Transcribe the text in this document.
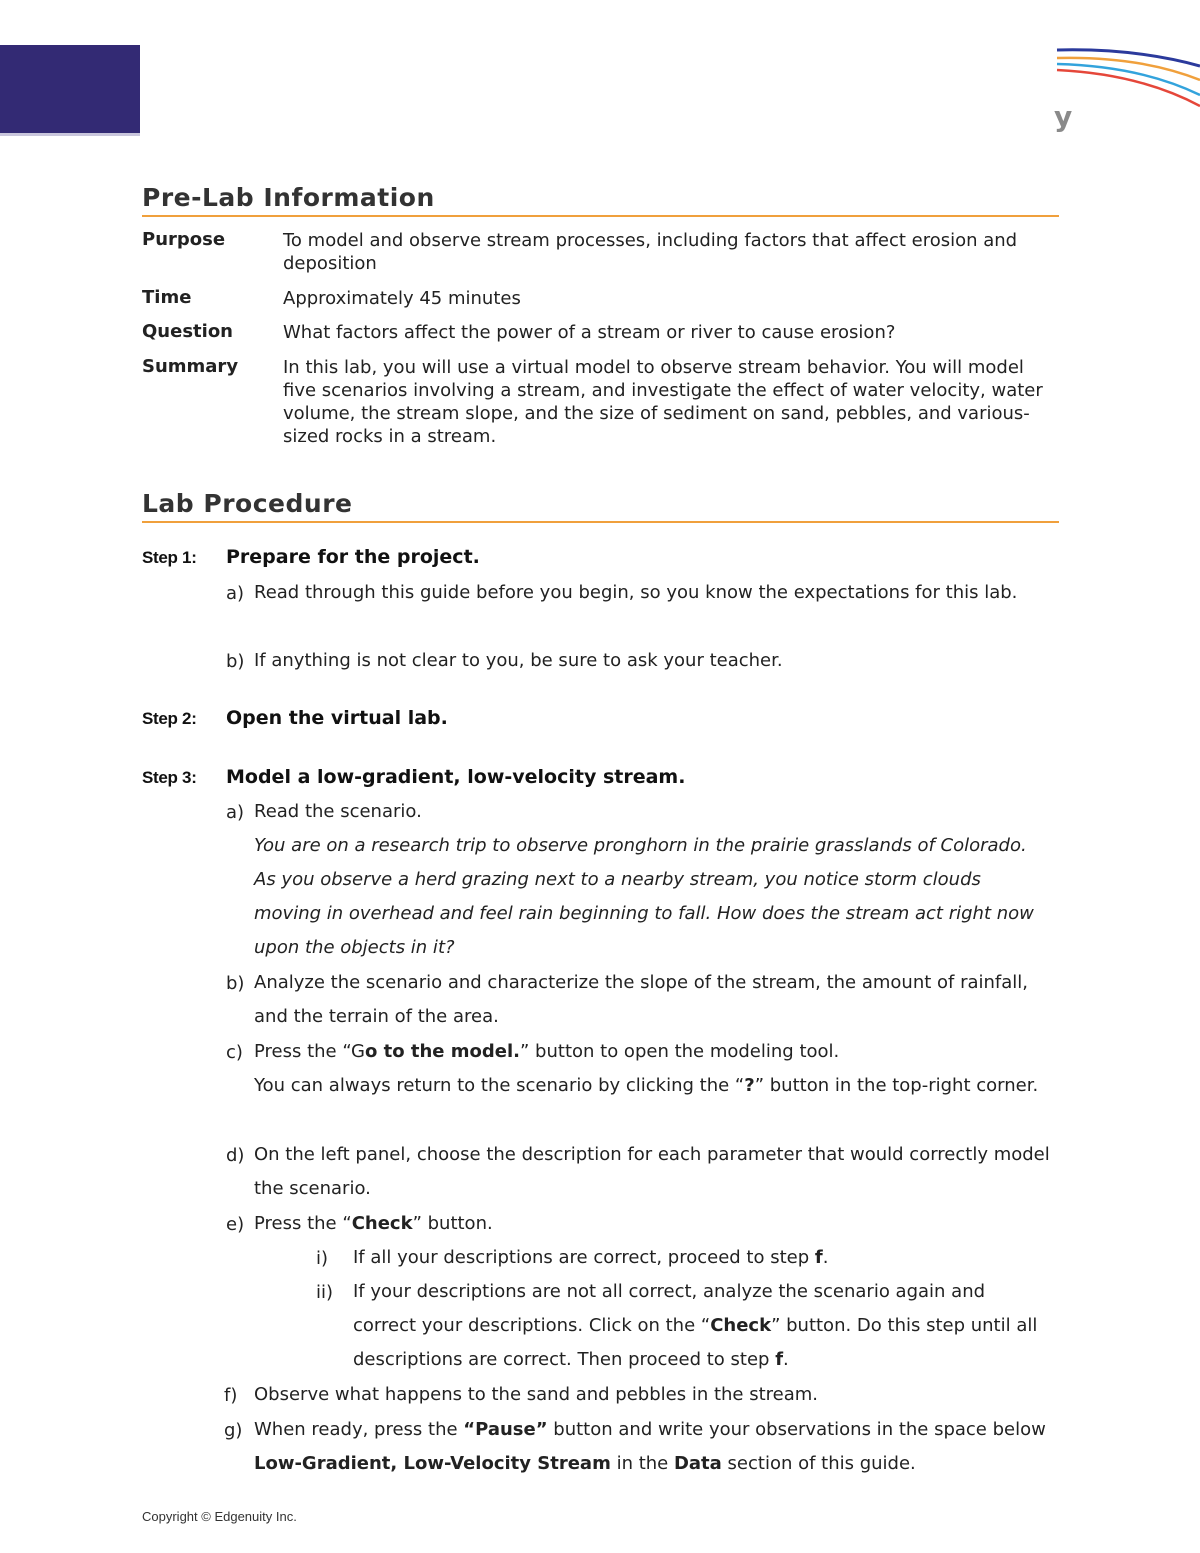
y
Pre-Lab Information
Purpose	To model and observe stream processes, including factors that affect erosion and deposition
Time	Approximately 45 minutes
Question	What factors affect the power of a stream or river to cause erosion?
Summary In this lab, you will use a virtual model to observe stream behavior. You will model five scenarios involving a stream, and investigate the effect of water velocity, water volume, the stream slope, and the size of sediment on sand, pebbles, and various-sized rocks in a stream.
Lab Procedure
Step 1: Prepare for the project.
a) Read through this guide before you begin, so you know the expectations for this lab.
b) If anything is not clear to you, be sure to ask your teacher.
Step 2: Open the virtual lab.
Step 3: Model a low-gradient, low-velocity stream.
a) Read the scenario.
You are on a research trip to observe pronghorn in the prairie grasslands of Colorado. As you observe a herd grazing next to a nearby stream, you notice storm clouds moving in overhead and feel rain beginning to fall. How does the stream act right now upon the objects in it?
b) Analyze the scenario and characterize the slope of the stream, the amount of rainfall, and the terrain of the area.
c) Press the “Go to the model.” button to open the modeling tool.
You can always return to the scenario by clicking the “?” button in the top-right corner.
d) On the left panel, choose the description for each parameter that would correctly model the scenario.
e) Press the “Check” button.
i) If all your descriptions are correct, proceed to step f.
ii) If your descriptions are not all correct, analyze the scenario again and correct your descriptions. Click on the “Check” button. Do this step until all descriptions are correct. Then proceed to step f.
f) Observe what happens to the sand and pebbles in the stream.
g) When ready, press the “Pause” button and write your observations in the space below Low-Gradient, Low-Velocity Stream in the Data section of this guide.
Copyright © Edgenuity Inc.
